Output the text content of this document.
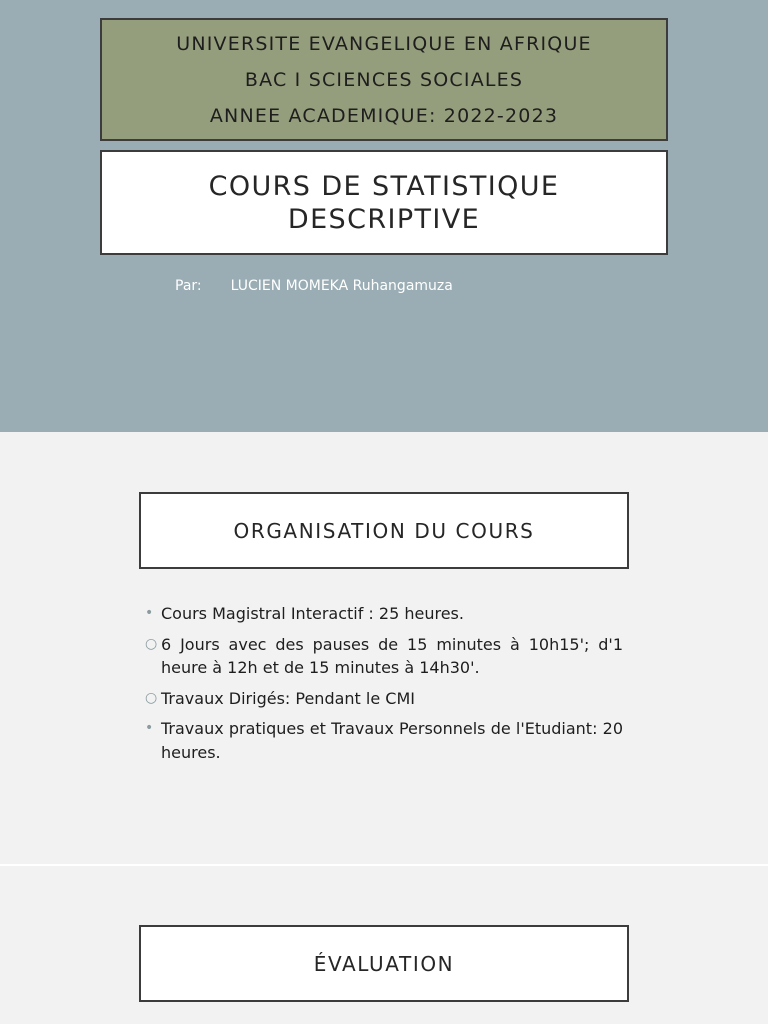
UNIVERSITE EVANGELIQUE EN AFRIQUE
BAC I SCIENCES SOCIALES
ANNEE ACADEMIQUE: 2022-2023
COURS DE STATISTIQUE
DESCRIPTIVE
Par: LUCIEN MOMEKA Ruhangamuza
ORGANISATION DU COURS
• Cours Magistral Interactif : 25 heures.
○ 6 Jours avec des pauses de 15 minutes à 10h15'; d'1 heure à 12h et de 15 minutes à 14h30'.
○ Travaux Dirigés: Pendant le CMI
• Travaux pratiques et Travaux Personnels de l'Etudiant: 20 heures.
ÉVALUATION
